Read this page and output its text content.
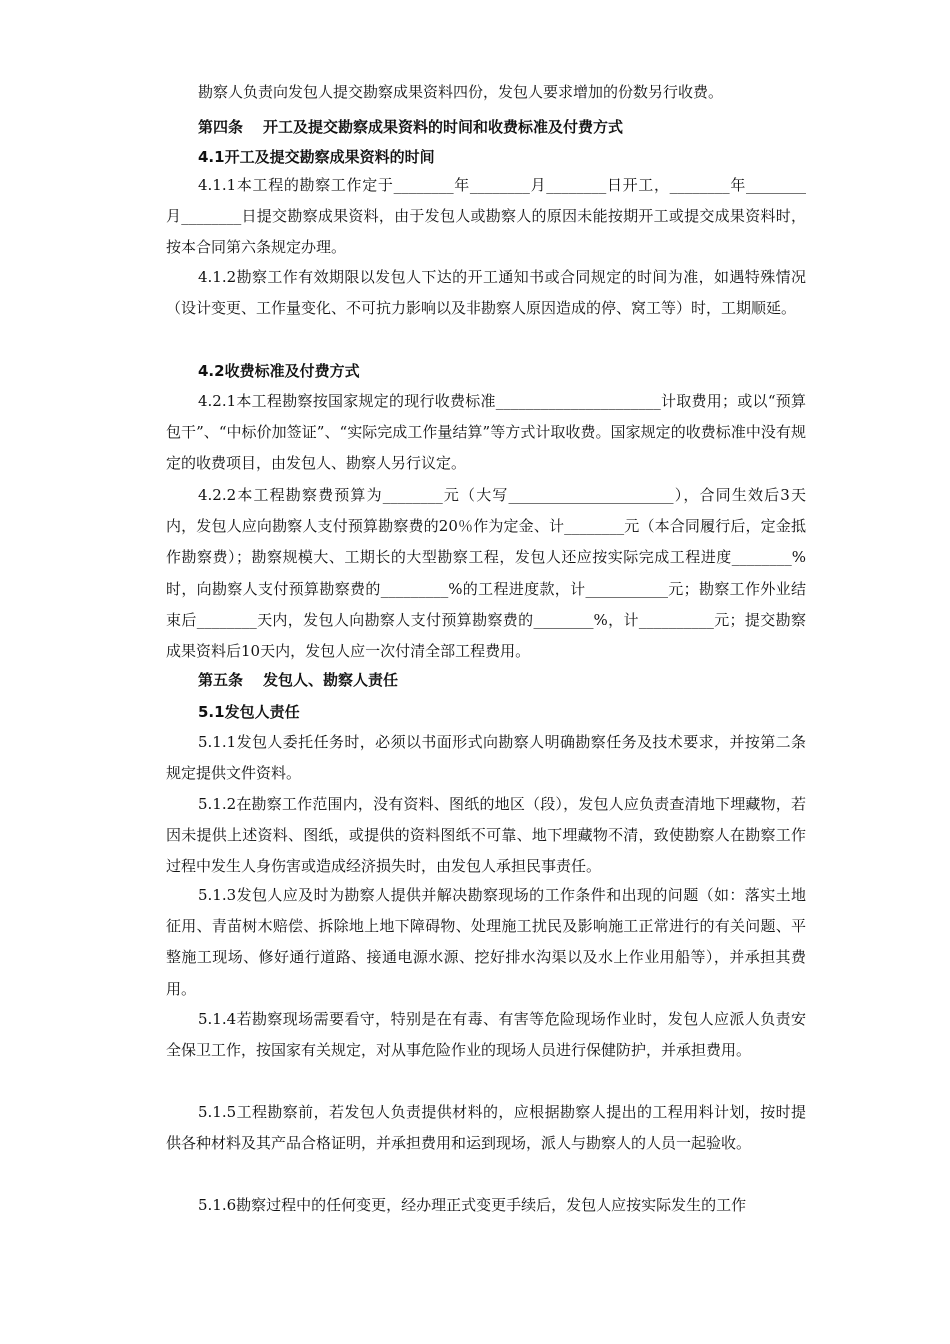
勘察人负责向发包人提交勘察成果资料四份，发包人要求增加的份数另行收费。
第四条 开工及提交勘察成果资料的时间和收费标准及付费方式
4.1开工及提交勘察成果资料的时间
4.1.1本工程的勘察工作定于________年________月________日开工，________年________月________日提交勘察成果资料，由于发包人或勘察人的原因未能按期开工或提交成果资料时，按本合同第六条规定办理。
4.1.2勘察工作有效期限以发包人下达的开工通知书或合同规定的时间为准，如遇特殊情况（设计变更、工作量变化、不可抗力影响以及非勘察人原因造成的停、窝工等）时，工期顺延。
4.2收费标准及付费方式
4.2.1本工程勘察按国家规定的现行收费标准______________________计取费用；或以“预算包干”、“中标价加签证”、“实际完成工作量结算”等方式计取收费。国家规定的收费标准中没有规定的收费项目，由发包人、勘察人另行议定。
4.2.2本工程勘察费预算为________元（大写______________________），合同生效后3天内，发包人应向勘察人支付预算勘察费的20％作为定金、计________元（本合同履行后，定金抵作勘察费）；勘察规模大、工期长的大型勘察工程，发包人还应按实际完成工程进度________%时，向勘察人支付预算勘察费的_________%的工程进度款，计___________元；勘察工作外业结束后________天内，发包人向勘察人支付预算勘察费的________%，计__________元；提交勘察成果资料后10天内，发包人应一次付清全部工程费用。
第五条 发包人、勘察人责任
5.1发包人责任
5.1.1发包人委托任务时，必须以书面形式向勘察人明确勘察任务及技术要求，并按第二条规定提供文件资料。
5.1.2在勘察工作范围内，没有资料、图纸的地区（段），发包人应负责查清地下埋藏物，若因未提供上述资料、图纸，或提供的资料图纸不可靠、地下埋藏物不清，致使勘察人在勘察工作过程中发生人身伤害或造成经济损失时，由发包人承担民事责任。
5.1.3发包人应及时为勘察人提供并解决勘察现场的工作条件和出现的问题（如：落实土地征用、青苗树木赔偿、拆除地上地下障碍物、处理施工扰民及影响施工正常进行的有关问题、平整施工现场、修好通行道路、接通电源水源、挖好排水沟渠以及水上作业用船等），并承担其费用。
5.1.4若勘察现场需要看守，特别是在有毒、有害等危险现场作业时，发包人应派人负责安全保卫工作，按国家有关规定，对从事危险作业的现场人员进行保健防护，并承担费用。
5.1.5工程勘察前，若发包人负责提供材料的，应根据勘察人提出的工程用料计划，按时提供各种材料及其产品合格证明，并承担费用和运到现场，派人与勘察人的人员一起验收。
5.1.6勘察过程中的任何变更，经办理正式变更手续后，发包人应按实际发生的工作
